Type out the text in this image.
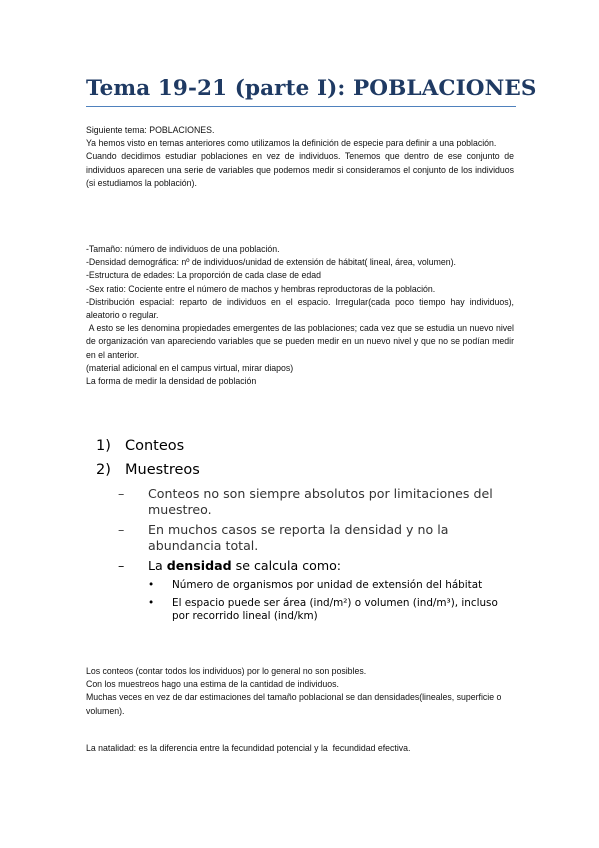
Tema 19-21 (parte I): POBLACIONES

Siguiente tema: POBLACIONES.

Ya hemos visto en temas anteriores como utilizamos la definición de especie para definir a una población.

Cuando decidimos estudiar poblaciones en vez de individuos. Tenemos que dentro de ese conjunto de individuos aparecen una serie de variables que podemos medir si consideramos el conjunto de los individuos (si estudiamos la población).

-Tamaño: número de individuos de una población.

-Densidad demográfica: nº de individuos/unidad de extensión de hábitat( lineal, área, volumen).

-Estructura de edades: La proporción de cada clase de edad

-Sex ratio: Cociente entre el número de machos y hembras reproductoras de la población.

-Distribución espacial: reparto de individuos en el espacio. Irregular(cada poco tiempo hay individuos), aleatorio o regular.

A esto se les denomina propiedades emergentes de las poblaciones; cada vez que se estudia un nuevo nivel de organización van apareciendo variables que se pueden medir en un nuevo nivel y que no se podían medir en el anterior.

(material adicional en el campus virtual, mirar diapos)

La forma de medir la densidad de población

1) Conteos
2) Muestreos
–	Conteos no son siempre absolutos por limitaciones del muestreo.
–	En muchos casos se reporta la densidad y no la abundancia total.
–	La densidad se calcula como:
•	Número de organismos por unidad de extensión del hábitat
•	El espacio puede ser área (ind/m²) o volumen (ind/m³), incluso por recorrido lineal (ind/km)

Los conteos (contar todos los individuos) por lo general no son posibles.

Con los muestreos hago una estima de la cantidad de individuos.

Muchas veces en vez de dar estimaciones del tamaño poblacional se dan densidades(lineales, superficie o volumen).

La natalidad: es la diferencia entre la fecundidad potencial y la  fecundidad efectiva.
